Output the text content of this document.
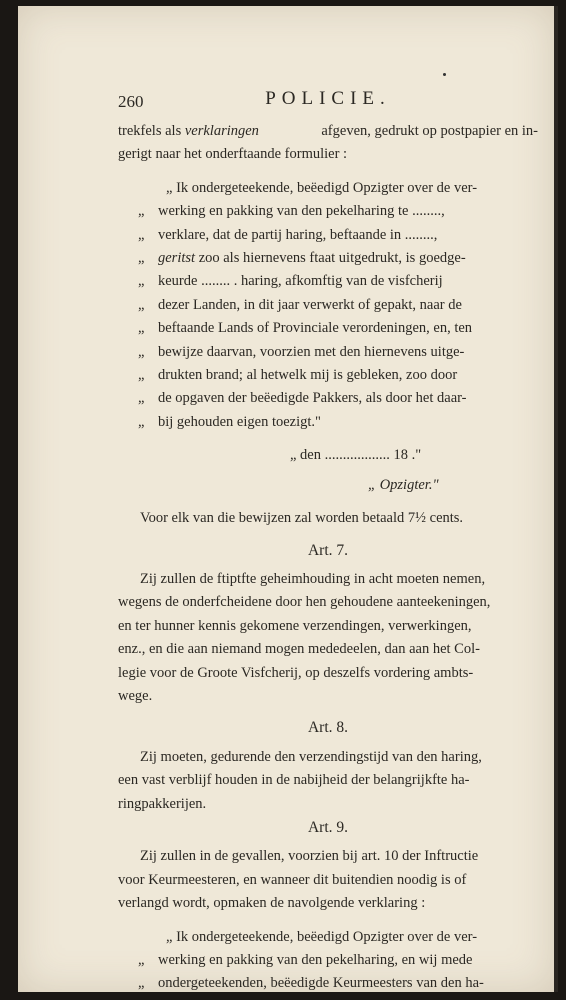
260	POLICIE.
trekfels als verklaringen	afgeven, gedrukt op postpapier en in-
gerigt naar het onderftaande formulier :
„ Ik ondergeteekende, beëedigd Opzigter over de ver-
„ werking en pakking van den pekelharing te ........,
„ verklare, dat de partij haring, beftaande in ........,
„ geritst
zoo als hiernevens ftaat uitgedrukt, is goedge-
„ keurde ........ . haring, afkomftig van de visfcherij
„ dezer Landen, in dit jaar verwerkt of gepakt, naar de
„ beftaande Lands of Provinciale verordeningen, en, ten
„ bewijze daarvan, voorzien met den hiernevens uitge-
„ drukten brand; al hetwelk mij is gebleken, zoo door
„ de opgaven der beëedigde Pakkers, als door het daar-
„ bij gehouden eigen toezigt."
„ den .................. 18 ."
„ Opzigter."
Voor elk van die bewijzen zal worden betaald 7½ cents.
Art. 7.
Zij zullen de ftiptfte geheimhouding in acht moeten nemen,
wegens de onderfcheidene door hen gehoudene aanteekeningen,
en ter hunner kennis gekomene verzendingen, verwerkingen,
enz., en die aan niemand mogen mededeelen, dan aan het Col-
legie voor de Groote Visfcherij, op deszelfs vordering ambts-
wege.
Art. 8.
Zij moeten, gedurende den verzendingstijd van den haring,
een vast verblijf houden in de nabijheid der belangrijkfte ha-
ringpakkerijen.
Art. 9.
Zij zullen in de gevallen, voorzien bij art. 10 der Inftructie
voor Keurmeesteren, en wanneer dit buitendien noodig is of
verlangd wordt, opmaken de navolgende verklaring :
„
Ik ondergeteekende, beëedigd Opzigter over de ver-
„ werking en pakking van den pekelharing, en wij mede
„ ondergeteekenden, beëedigde Keurmeesters van den ha-
